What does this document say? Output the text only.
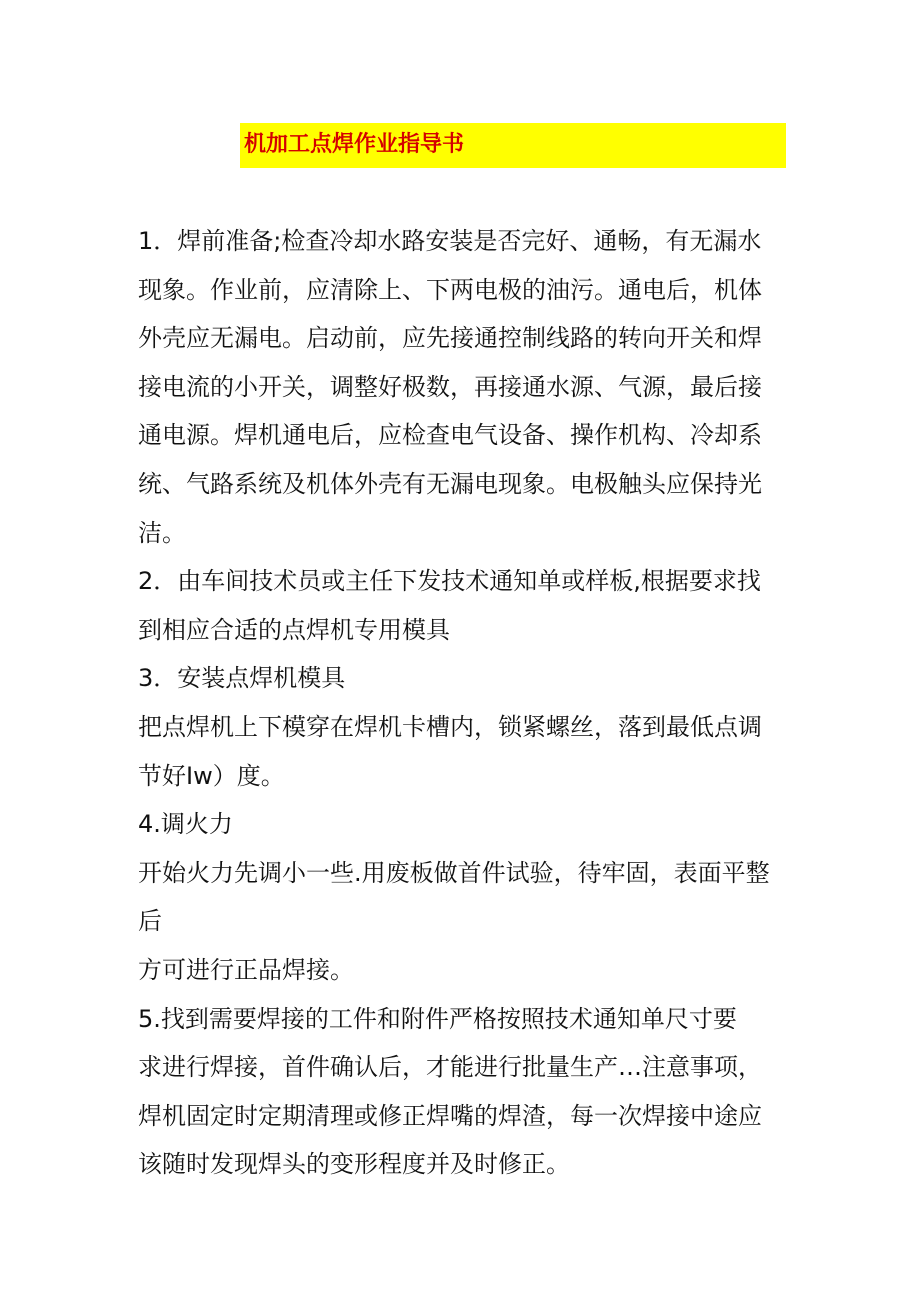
机加工点焊作业指导书
1．焊前准备;检查冷却水路安装是否完好、通畅，有无漏水
现象。作业前，应清除上、下两电极的油污。通电后，机体
外壳应无漏电。启动前，应先接通控制线路的转向开关和焊
接电流的小开关，调整好极数，再接通水源、气源，最后接
通电源。焊机通电后，应检查电气设备、操作机构、冷却系
统、气路系统及机体外壳有无漏电现象。电极触头应保持光
洁。
2．由车间技术员或主任下发技术通知单或样板,根据要求找
到相应合适的点焊机专用模具
3．安装点焊机模具
把点焊机上下模穿在焊机卡槽内，锁紧螺丝，落到最低点调
节好Iw）度。
4.调火力
开始火力先调小一些.用废板做首件试验，待牢固，表面平整
后
方可进行正品焊接。
5.找到需要焊接的工件和附件严格按照技术通知单尺寸要
求进行焊接，首件确认后，才能进行批量生产…注意事项，
焊机固定时定期清理或修正焊嘴的焊渣，每一次焊接中途应
该随时发现焊头的变形程度并及时修正。
